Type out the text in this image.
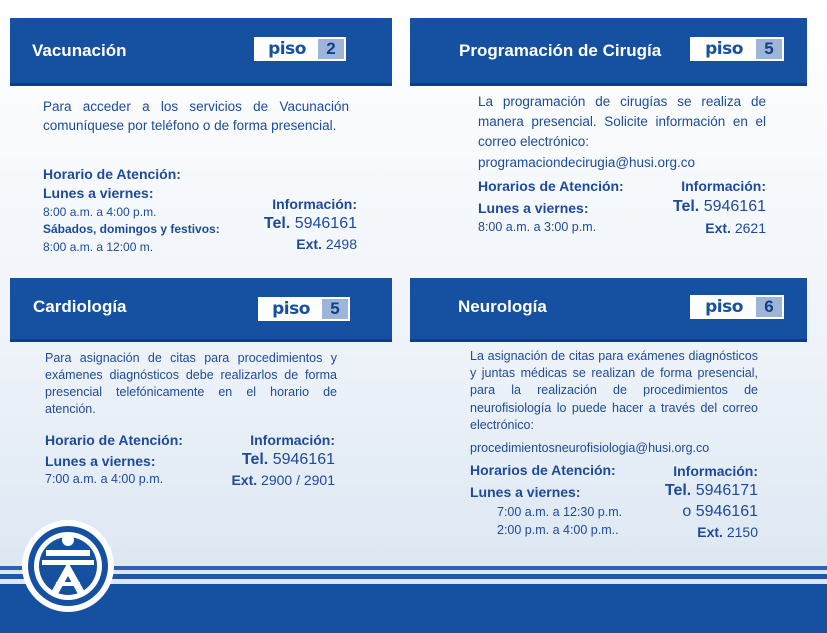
Vacunación	piso	2
Para acceder a los servicios de Vacunación comuníquese por teléfono o de forma presencial.
Horario de Atención:
Lunes a viernes:
8:00 a.m. a 4:00 p.m.
Sábados, domingos y festivos:
8:00 a.m. a 12:00 m.
Información:
Tel. 5946161
Ext. 2498
Programación de Cirugía	piso	5
La programación de cirugías se realiza de manera presencial. Solicite información en el correo electrónico:
programaciondecirugia@husi.org.co
Horarios de Atención:
Lunes a viernes:
8:00 a.m. a 3:00 p.m.
Información:
Tel. 5946161
Ext. 2621
Cardiología	piso	5
Para asignación de citas para procedimientos y exámenes diagnósticos debe realizarlos de forma presencial telefónicamente en el horario de atención.
Horario de Atención:
Lunes a viernes:
7:00 a.m. a 4:00 p.m.
Información:
Tel. 5946161
Ext. 2900 / 2901
Neurología	piso	6
La asignación de citas para exámenes diagnósticos y juntas médicas se realizan de forma presencial, para la realización de procedimientos de neurofisiología lo puede hacer a través del correo electrónico:
procedimientosneurofisiologia@husi.org.co
Horarios de Atención:
Lunes a viernes:
7:00 a.m. a 12:30 p.m.
2:00 p.m. a 4:00 p.m..
Información:
Tel. 5946171
o 5946161
Ext. 2150
